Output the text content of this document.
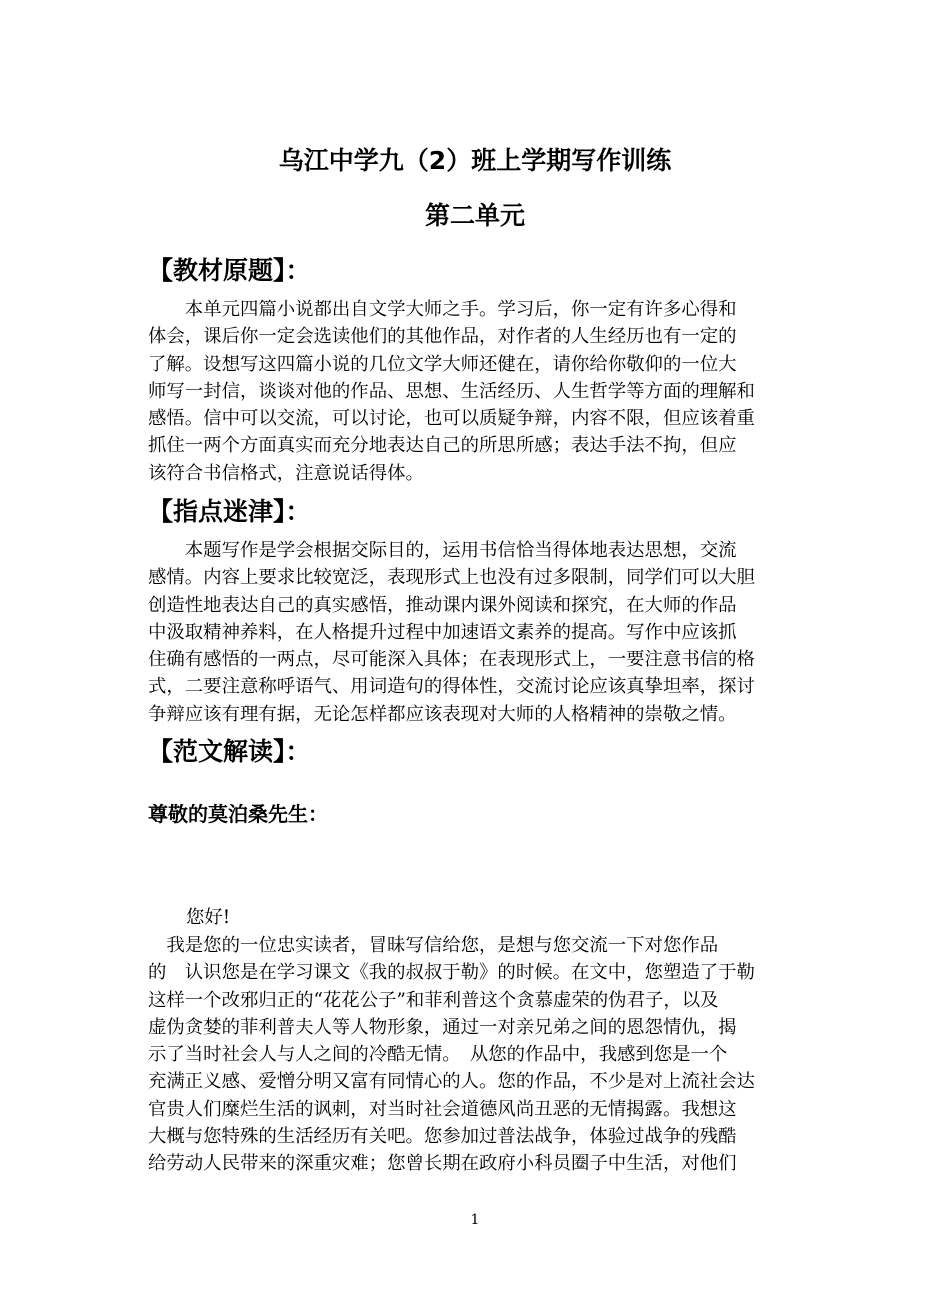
乌江中学九（2）班上学期写作训练
第二单元
【教材原题】：
　　本单元四篇小说都出自文学大师之手。学习后，你一定有许多心得和
体会，课后你一定会选读他们的其他作品，对作者的人生经历也有一定的
了解。设想写这四篇小说的几位文学大师还健在，请你给你敬仰的一位大
师写一封信，谈谈对他的作品、思想、生活经历、人生哲学等方面的理解和
感悟。信中可以交流，可以讨论，也可以质疑争辩，内容不限，但应该着重
抓住一两个方面真实而充分地表达自己的所思所感；表达手法不拘，但应
该符合书信格式，注意说话得体。
【指点迷津】：
　　本题写作是学会根据交际目的，运用书信恰当得体地表达思想，交流
感情。内容上要求比较宽泛，表现形式上也没有过多限制，同学们可以大胆
创造性地表达自己的真实感悟，推动课内课外阅读和探究，在大师的作品
中汲取精神养料，在人格提升过程中加速语文素养的提高。写作中应该抓
住确有感悟的一两点，尽可能深入具体；在表现形式上，一要注意书信的格
式，二要注意称呼语气、用词造句的得体性，交流讨论应该真挚坦率，探讨
争辩应该有理有据，无论怎样都应该表现对大师的人格精神的崇敬之情。
【范文解读】：

尊敬的莫泊桑先生：

您好!

　我是您的一位忠实读者，冒昧写信给您，是想与您交流一下对您作品
的　认识您是在学习课文《我的叔叔于勒》的时候。在文中，您塑造了于勒
这样一个改邪归正的“花花公子”和菲利普这个贪慕虚荣的伪君子，以及
虚伪贪婪的菲利普夫人等人物形象，通过一对亲兄弟之间的恩怨情仇，揭
示了当时社会人与人之间的冷酷无情。　从您的作品中，我感到您是一个
充满正义感、爱憎分明又富有同情心的人。您的作品，不少是对上流社会达
官贵人们糜烂生活的讽刺，对当时社会道德风尚丑恶的无情揭露。我想这
大概与您特殊的生活经历有关吧。您参加过普法战争，体验过战争的残酷
给劳动人民带来的深重灾难；您曾长期在政府小科员圈子中生活，对他们

1
